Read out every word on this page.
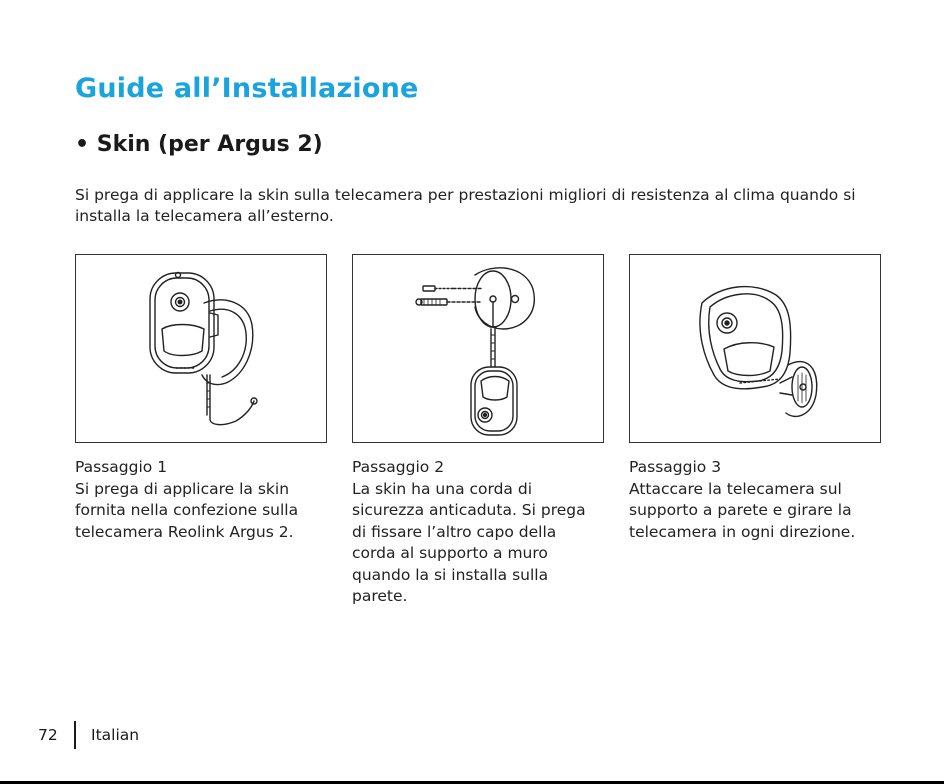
Guide all’Installazione
• Skin (per Argus 2)
Si prega di applicare la skin sulla telecamera per prestazioni migliori di resistenza al clima quando si installa la telecamera all’esterno.
Passaggio 1
Si prega di applicare la skin fornita nella confezione sulla telecamera Reolink Argus 2.
Passaggio 2
La skin ha una corda di sicurezza anticaduta. Si prega di fissare l’altro capo della corda al supporto a muro quando la si installa sulla parete.
Passaggio 3
Attaccare la telecamera sul supporto a parete e girare la telecamera in ogni direzione.
72 Italian
